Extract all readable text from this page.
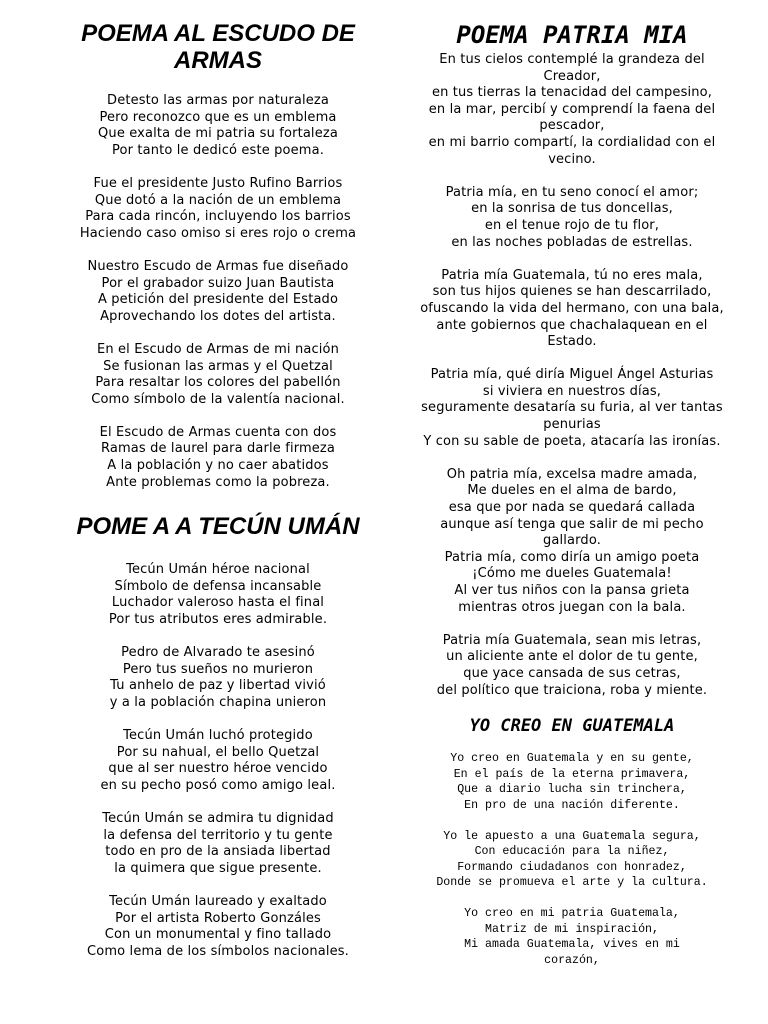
POEMA AL ESCUDO DE
ARMAS
Detesto las armas por naturaleza
Pero reconozco que es un emblema
Que exalta de mi patria su fortaleza
Por tanto le dedicó este poema.
Fue el presidente Justo Rufino Barrios
Que dotó a la nación de un emblema
Para cada rincón, incluyendo los barrios
Haciendo caso omiso si eres rojo o crema
Nuestro Escudo de Armas fue diseñado
Por el grabador suizo Juan Bautista
A petición del presidente del Estado
Aprovechando los dotes del artista.
En el Escudo de Armas de mi nación
Se fusionan las armas y el Quetzal
Para resaltar los colores del pabellón
Como símbolo de la valentía nacional.
El Escudo de Armas cuenta con dos
Ramas de laurel para darle firmeza
A la población y no caer abatidos
Ante problemas como la pobreza.
POME A A TECÚN UMÁN
Tecún Umán héroe nacional
Símbolo de defensa incansable
Luchador valeroso hasta el final
Por tus atributos eres admirable.
Pedro de Alvarado te asesinó
Pero tus sueños no murieron
Tu anhelo de paz y libertad vivió
y a la población chapina unieron
Tecún Umán luchó protegido
Por su nahual, el bello Quetzal
que al ser nuestro héroe vencido
en su pecho posó como amigo leal.
Tecún Umán se admira tu dignidad
la defensa del territorio y tu gente
todo en pro de la ansiada libertad
la quimera que sigue presente.
Tecún Umán laureado y exaltado
Por el artista Roberto Gonzáles
Con un monumental y fino tallado
Como lema de los símbolos nacionales.
POEMA PATRIA MIA
En tus cielos contemplé la grandeza del
Creador,
en tus tierras la tenacidad del campesino,
en la mar, percibí y comprendí la faena del
pescador,
en mi barrio compartí, la cordialidad con el
vecino.
Patria mía, en tu seno conocí el amor;
en la sonrisa de tus doncellas,
en el tenue rojo de tu flor,
en las noches pobladas de estrellas.
Patria mía Guatemala, tú no eres mala,
son tus hijos quienes se han descarrilado,
ofuscando la vida del hermano, con una bala,
ante gobiernos que chachalaquean en el
Estado.
Patria mía, qué diría Miguel Ángel Asturias
si viviera en nuestros días,
seguramente desataría su furia, al ver tantas
penurias
Y con su sable de poeta, atacaría las ironías.
Oh patria mía, excelsa madre amada,
Me dueles en el alma de bardo,
esa que por nada se quedará callada
aunque así tenga que salir de mi pecho
gallardo.
Patria mía, como diría un amigo poeta
¡Cómo me dueles Guatemala!
Al ver tus niños con la pansa grieta
mientras otros juegan con la bala.
Patria mía Guatemala, sean mis letras,
un aliciente ante el dolor de tu gente,
que yace cansada de sus cetras,
del político que traiciona, roba y miente.
YO CREO EN GUATEMALA
Yo creo en Guatemala y en su gente,
En el país de la eterna primavera,
Que a diario lucha sin trinchera,
En pro de una nación diferente.
Yo le apuesto a una Guatemala segura,
Con educación para la niñez,
Formando ciudadanos con honradez,
Donde se promueva el arte y la cultura.
Yo creo en mi patria Guatemala,
Matriz de mi inspiración,
Mi amada Guatemala, vives en mi
corazón,
